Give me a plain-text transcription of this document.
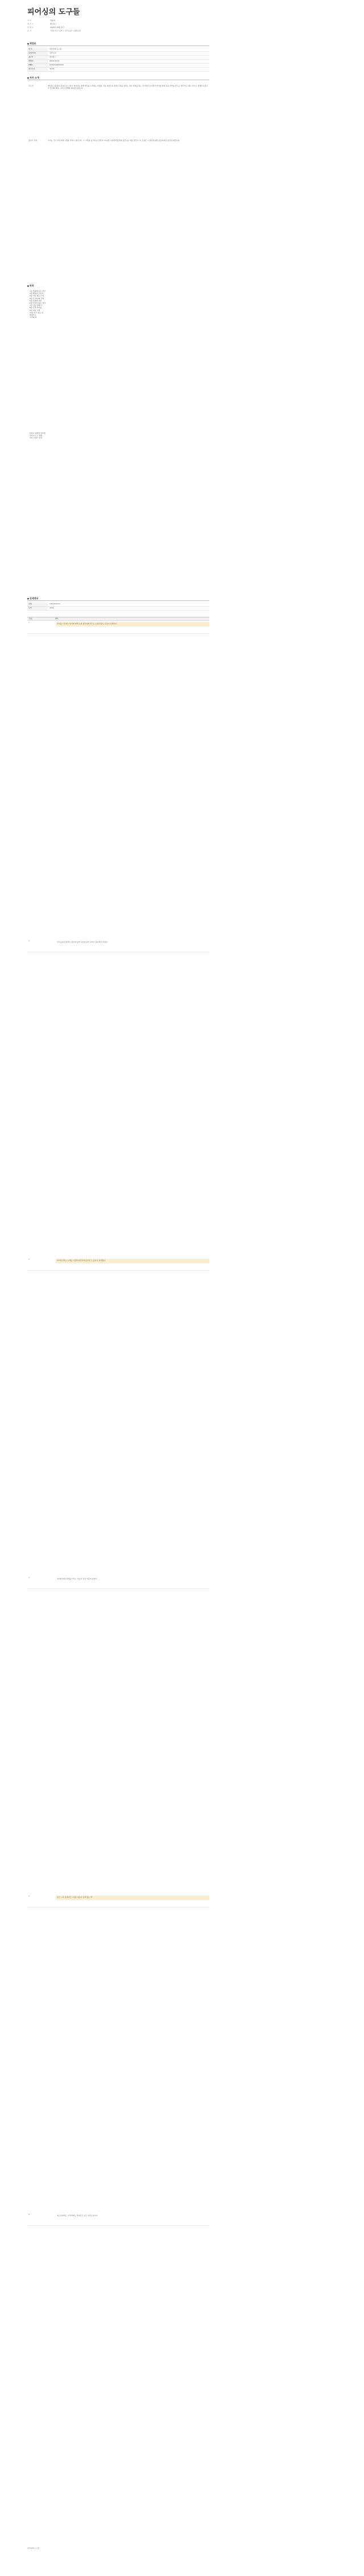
피어싱의 도구들
저 자	박윤희
출 판 사	제이북스
발 행 일	2020년 09월 출간
분 야	국내도서 > 문학 > 한국소설 > 장편소설
■ 책정보
제 목	피어싱의 도구들
원제/부제	장편소설
출판사	제이북스
발행일	2020-09-25
ISBN	9791190000000
페이지수	312쪽
■ 저자 소개
책소개	세상과 소통하지 못하던 한 소녀가 피어싱을 통해 자신을 드러내는 과정을 그린 성장소설. 몸에 구멍을 낸다는 것은 상처를 내는 것이지만 동시에 무언가를 끼워 넣을 자리를 만드는 일이기도 하다. 작가는 섬세한 문장으로 상처와 회복, 그리고 관계의 의미를 되짚는다.
출판사 리뷰	우리는 모두 어딘가에 구멍을 가지고 살아간다. 그 구멍을 숨기며 살 것인가, 아니면 그곳에 자신만의 장신구를 끼울 것인가. 이 소설은 그 질문에 대한 조용하지만 단단한 대답이다.
■ 목차
1장 귓불에 남은 자국
2장 바늘과 소독약
3장 처음 뚫은 구멍
4장 링 하나의 무게
5장 엄마의 서랍
6장 닫히지 않는 상처
7장 거울 앞의 나
8장 은과 티타늄
9장 어떤 고백
10장 다시 뚫는 날
에필로그
작가의 말
부록 1 피어싱 관리법
부록 2 도구 설명
부록 3 참고 문헌
■ 상세정보
판형	140*210mm
무게	420g
번호	제목
1	상처를 드러내는 방식에 대해 오래 생각하게 만드는 소설이었다. 문장이 섬세하다.
2	주인공의 감정선이 설득력 있게 그려져 있어 끝까지 몰입해서 읽었다.
3	피어싱이라는 소재를 이렇게 따뜻하게 풀어낼 수 있다니 놀라웠다.
4	엄마와 딸의 관계를 다루는 부분이 특히 마음에 남았다.
5	조금 느린 전개지만 그만큼 여운이 길게 남는 책.
6	청소년에게도, 어른에게도 추천하고 싶은 성장소설이다.
피어싱의 도구들
